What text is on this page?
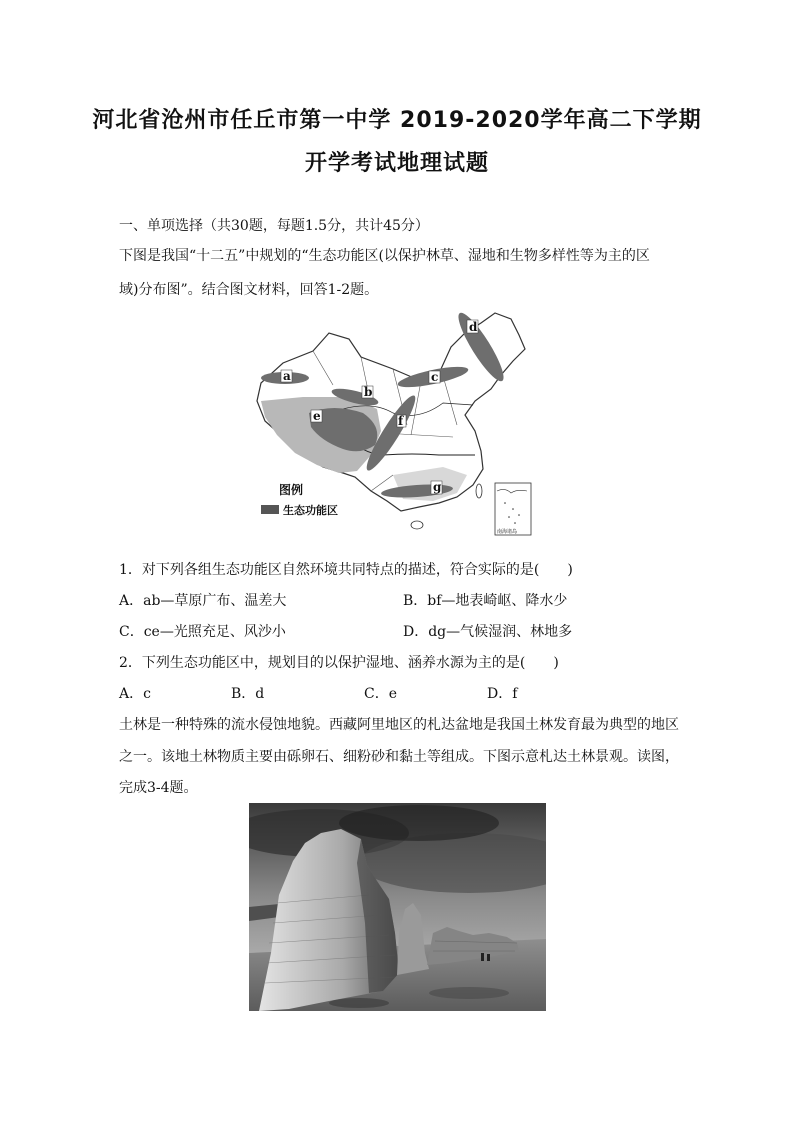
河北省沧州市任丘市第一中学 2019-2020学年高二下学期
开学考试地理试题
一、单项选择（共30题，每题1.5分，共计45分）
下图是我国“十二五”中规划的“生态功能区(以保护林草、湿地和生物多样性等为主的区
域)分布图”。结合图文材料，回答1-2题。
a
b
c
d
e	f
g
图例
生态功能区
南海诸岛
1．对下列各组生态功能区自然环境共同特点的描述，符合实际的是(　　)
A．ab—草原广布、温差大	B．bf—地表崎岖、降水少
C．ce—光照充足、风沙小	D．dg—气候湿润、林地多
2．下列生态功能区中，规划目的以保护湿地、涵养水源为主的是(　　)
A．c	B．d	C．e	D．f
土林是一种特殊的流水侵蚀地貌。西藏阿里地区的札达盆地是我国土林发育最为典型的地区
之一。该地土林物质主要由砾卵石、细粉砂和黏土等组成。下图示意札达土林景观。读图，
完成3-4题。
